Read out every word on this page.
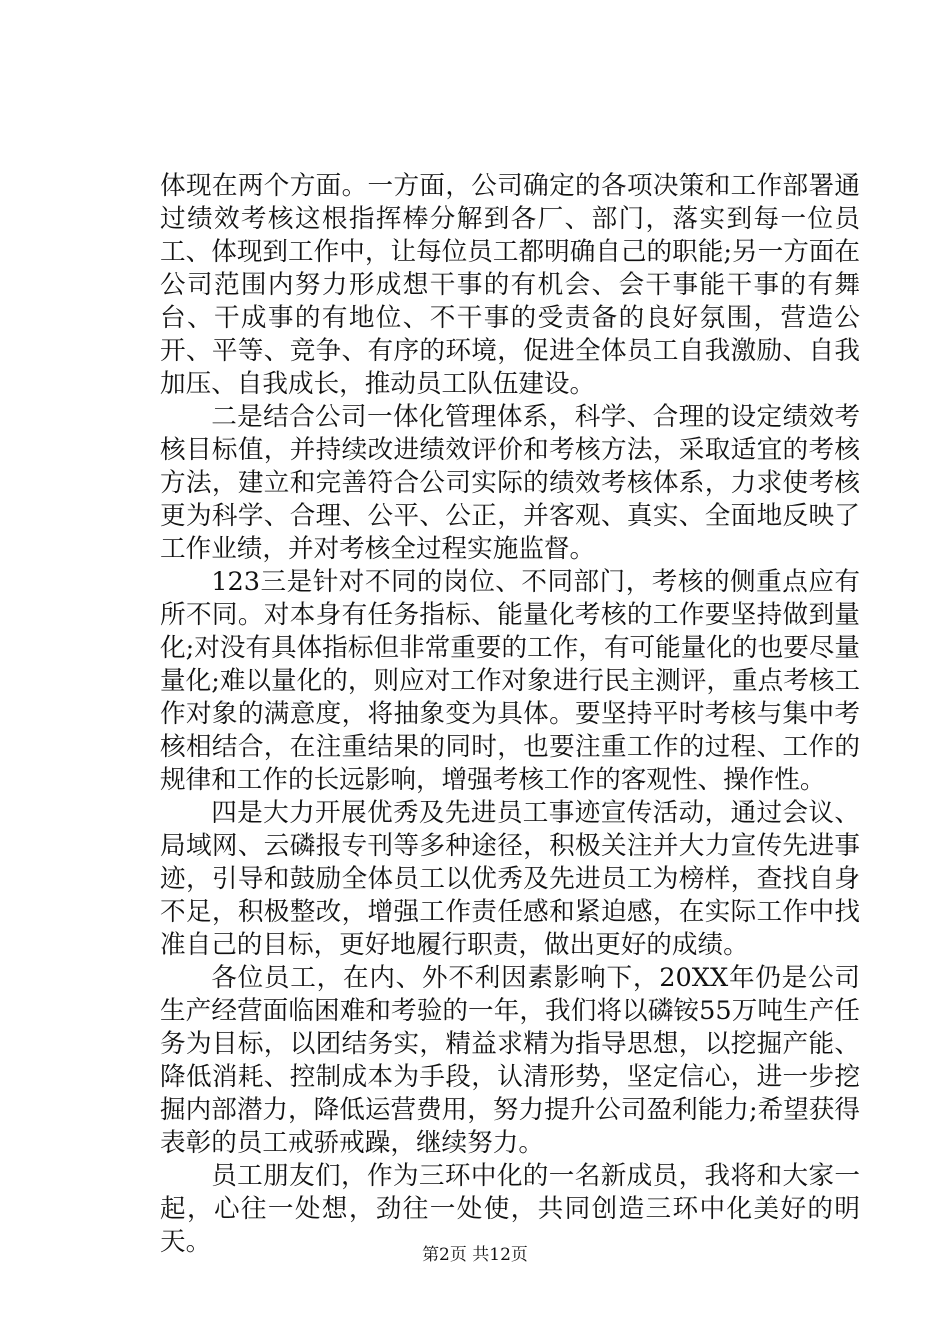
体现在两个方面。一方面，公司确定的各项决策和工作部署通过绩效考核这根指挥棒分解到各厂、部门，落实到每一位员工、体现到工作中，让每位员工都明确自己的职能;另一方面在公司范围内努力形成想干事的有机会、会干事能干事的有舞台、干成事的有地位、不干事的受责备的良好氛围，营造公开、平等、竞争、有序的环境，促进全体员工自我激励、自我加压、自我成长，推动员工队伍建设。

二是结合公司一体化管理体系，科学、合理的设定绩效考核目标值，并持续改进绩效评价和考核方法，采取适宜的考核方法，建立和完善符合公司实际的绩效考核体系，力求使考核更为科学、合理、公平、公正，并客观、真实、全面地反映了工作业绩，并对考核全过程实施监督。

123三是针对不同的岗位、不同部门，考核的侧重点应有所不同。对本身有任务指标、能量化考核的工作要坚持做到量化;对没有具体指标但非常重要的工作，有可能量化的也要尽量量化;难以量化的，则应对工作对象进行民主测评，重点考核工作对象的满意度，将抽象变为具体。要坚持平时考核与集中考核相结合，在注重结果的同时，也要注重工作的过程、工作的规律和工作的长远影响，增强考核工作的客观性、操作性。

四是大力开展优秀及先进员工事迹宣传活动，通过会议、局域网、云磷报专刊等多种途径，积极关注并大力宣传先进事迹，引导和鼓励全体员工以优秀及先进员工为榜样，查找自身不足，积极整改，增强工作责任感和紧迫感，在实际工作中找准自己的目标，更好地履行职责，做出更好的成绩。

各位员工，在内、外不利因素影响下，20XX年仍是公司生产经营面临困难和考验的一年，我们将以磷铵55万吨生产任务为目标，以团结务实，精益求精为指导思想，以挖掘产能、降低消耗、控制成本为手段，认清形势，坚定信心，进一步挖掘内部潜力，降低运营费用，努力提升公司盈利能力;希望获得表彰的员工戒骄戒躁，继续努力。

员工朋友们，作为三环中化的一名新成员，我将和大家一起，心往一处想，劲往一处使，共同创造三环中化美好的明天。	第2页 共12页
